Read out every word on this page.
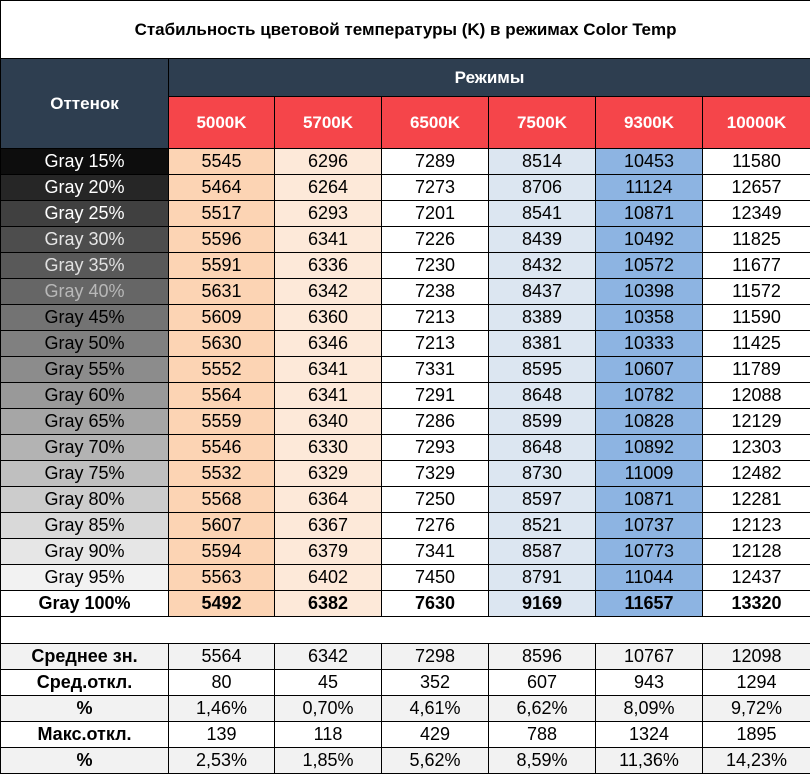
Стабильность цветовой температуры (K) в режимах Color Temp						
Оттенок	Режимы					
	5000K	5700K	6500K	7500K	9300K	10000K
Gray 15%	5545	6296	7289	8514	10453	11580
Gray 20%	5464	6264	7273	8706	11124	12657
Gray 25%	5517	6293	7201	8541	10871	12349
Gray 30%	5596	6341	7226	8439	10492	11825
Gray 35%	5591	6336	7230	8432	10572	11677
Gray 40%	5631	6342	7238	8437	10398	11572
Gray 45%	5609	6360	7213	8389	10358	11590
Gray 50%	5630	6346	7213	8381	10333	11425
Gray 55%	5552	6341	7331	8595	10607	11789
Gray 60%	5564	6341	7291	8648	10782	12088
Gray 65%	5559	6340	7286	8599	10828	12129
Gray 70%	5546	6330	7293	8648	10892	12303
Gray 75%	5532	6329	7329	8730	11009	12482
Gray 80%	5568	6364	7250	8597	10871	12281
Gray 85%	5607	6367	7276	8521	10737	12123
Gray 90%	5594	6379	7341	8587	10773	12128
Gray 95%	5563	6402	7450	8791	11044	12437
Gray 100%	5492	6382	7630	9169	11657	13320

Среднее зн.	5564	6342	7298	8596	10767	12098
Сред.откл.	80	45	352	607	943	1294
%	1,46%	0,70%	4,61%	6,62%	8,09%	9,72%
Макс.откл.	139	118	429	788	1324	1895
%	2,53%	1,85%	5,62%	8,59%	11,36%	14,23%
